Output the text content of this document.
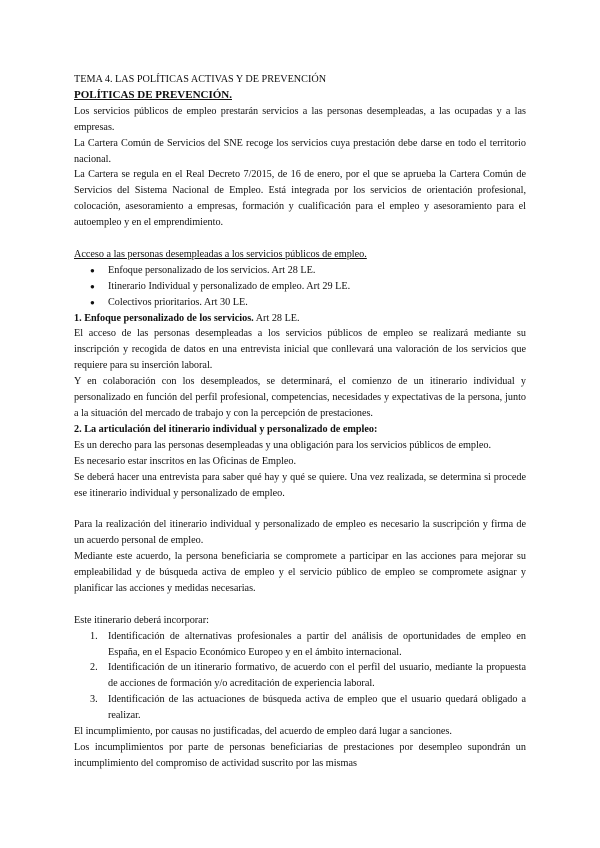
TEMA 4. LAS POLÍTICAS ACTIVAS Y DE PREVENCIÓN

POLÍTICAS DE PREVENCIÓN.

Los servicios públicos de empleo prestarán servicios a las personas desempleadas, a las ocupadas y a las empresas.

La Cartera Común de Servicios del SNE recoge los servicios cuya prestación debe darse en todo el territorio nacional.

La Cartera se regula en el Real Decreto 7/2015, de 16 de enero, por el que se aprueba la Cartera Común de Servicios del Sistema Nacional de Empleo. Está integrada por los servicios de orientación profesional, colocación, asesoramiento a empresas, formación y cualificación para el empleo y asesoramiento para el autoempleo y en el emprendimiento.

Acceso a las personas desempleadas a los servicios públicos de empleo.

● Enfoque personalizado de los servicios. Art 28 LE.
● Itinerario Individual y personalizado de empleo. Art 29 LE.
● Colectivos prioritarios. Art 30 LE.

1. Enfoque personalizado de los servicios. Art 28 LE.

El acceso de las personas desempleadas a los servicios públicos de empleo se realizará mediante su inscripción y recogida de datos en una entrevista inicial que conllevará una valoración de los servicios que requiere para su inserción laboral.

Y en colaboración con los desempleados, se determinará, el comienzo de un itinerario individual y personalizado en función del perfil profesional, competencias, necesidades y expectativas de la persona, junto a la situación del mercado de trabajo y con la percepción de prestaciones.

2. La articulación del itinerario individual y personalizado de empleo:

Es un derecho para las personas desempleadas y una obligación para los servicios públicos de empleo.

Es necesario estar inscritos en las Oficinas de Empleo.

Se deberá hacer una entrevista para saber qué hay y qué se quiere. Una vez realizada, se determina si procede ese itinerario individual y personalizado de empleo.

Para la realización del itinerario individual y personalizado de empleo es necesario la suscripción y firma de un acuerdo personal de empleo.

Mediante este acuerdo, la persona beneficiaria se compromete a participar en las acciones para mejorar su empleabilidad y de búsqueda activa de empleo y el servicio público de empleo se compromete asignar y planificar las acciones y medidas necesarias.

Este itinerario deberá incorporar:

1. Identificación de alternativas profesionales a partir del análisis de oportunidades de empleo en España, en el Espacio Económico Europeo y en el ámbito internacional.
2. Identificación de un itinerario formativo, de acuerdo con el perfil del usuario, mediante la propuesta de acciones de formación y/o acreditación de experiencia laboral.
3. Identificación de las actuaciones de búsqueda activa de empleo que el usuario quedará obligado a realizar.

El incumplimiento, por causas no justificadas, del acuerdo de empleo dará lugar a sanciones.

Los incumplimientos por parte de personas beneficiarias de prestaciones por desempleo supondrán un incumplimiento del compromiso de actividad suscrito por las mismas
